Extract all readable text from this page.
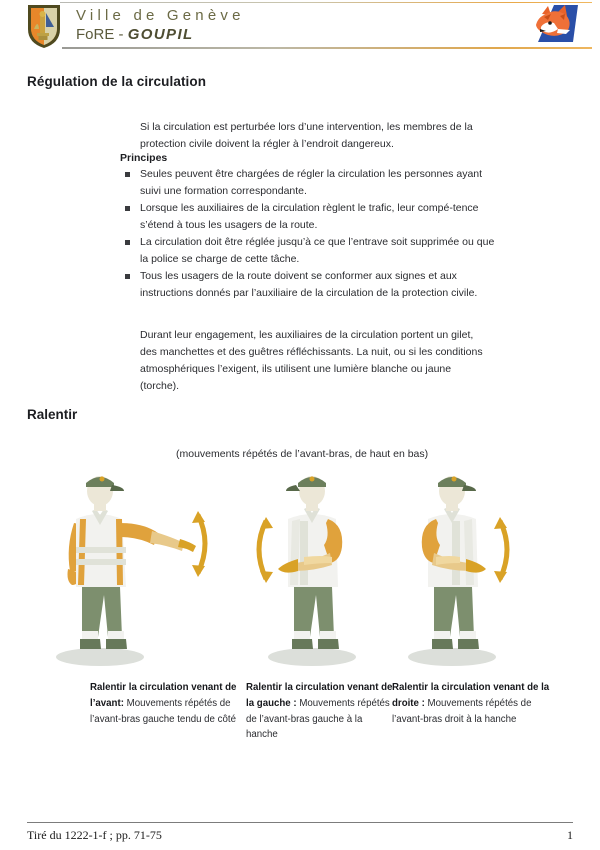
Ville de Genève
FoRE - GOUPIL
Régulation de la circulation

Si la circulation est perturbée lors d’une intervention, les membres de la protection civile doivent la régler à l’endroit dangereux.

Principes
Seules peuvent être chargées de régler la circulation les personnes ayant suivi une formation correspondante.
Lorsque les auxiliaires de la circulation règlent le trafic, leur compé-tence s’étend à tous les usagers de la route.
La circulation doit être réglée jusqu’à ce que l’entrave soit supprimée ou que la police se charge de cette tâche.
Tous les usagers de la route doivent se conformer aux signes et aux instructions donnés par l’auxiliaire de la circulation de la protection civile.

Durant leur engagement, les auxiliaires de la circulation portent un gilet, des manchettes et des guêtres réfléchissants. La nuit, ou si les conditions atmosphériques l’exigent, ils utilisent une lumière blanche ou jaune (torche).

Ralentir
(mouvements répétés de l’avant-bras, de haut en bas)
Ralentir la circulation venant de l’avant: Mouvements répétés de l’avant-bras gauche tendu de côté
Ralentir la circulation venant de la gauche : Mouvements répétés de l’avant-bras gauche à la hanche
Ralentir la circulation venant de la droite : Mouvements répétés de l’avant-bras droit à la hanche
Tiré du 1222-1-f ; pp. 71-75	1
